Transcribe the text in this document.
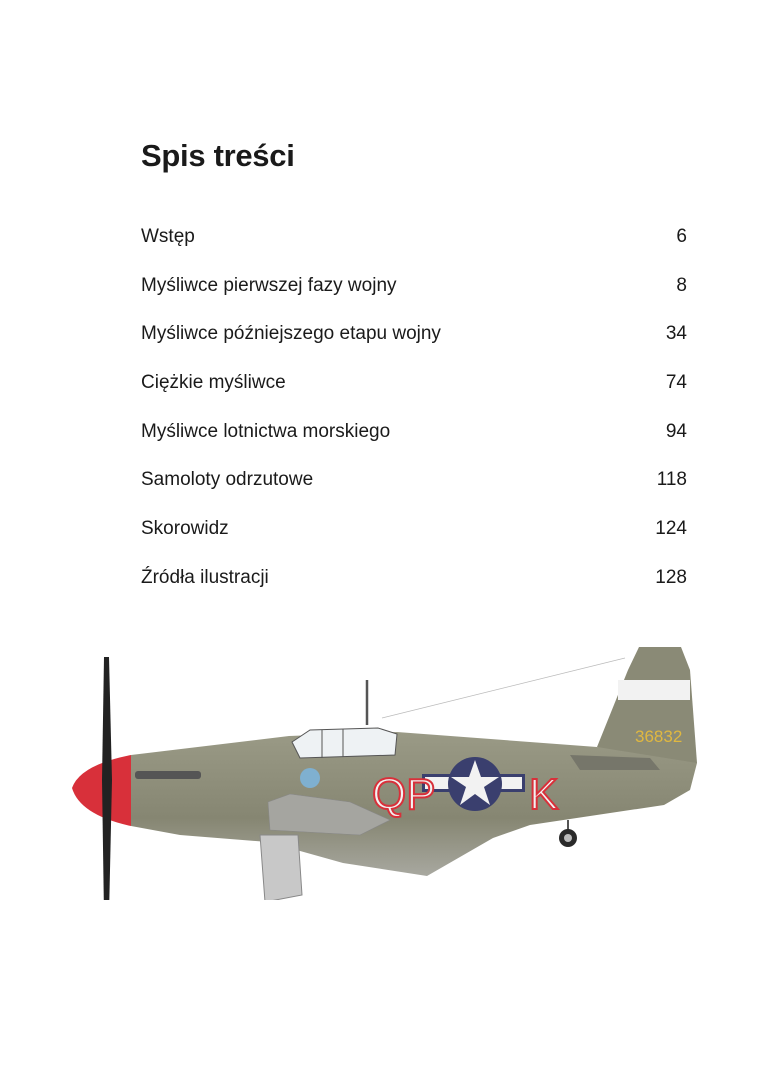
Spis treści
Wstęp	6
Myśliwce pierwszej fazy wojny	8
Myśliwce późniejszego etapu wojny	34
Ciężkie myśliwce	74
Myśliwce lotnictwa morskiego	94
Samoloty odrzutowe	118
Skorowidz	124
Źródła ilustracji	128
QP K
36832
